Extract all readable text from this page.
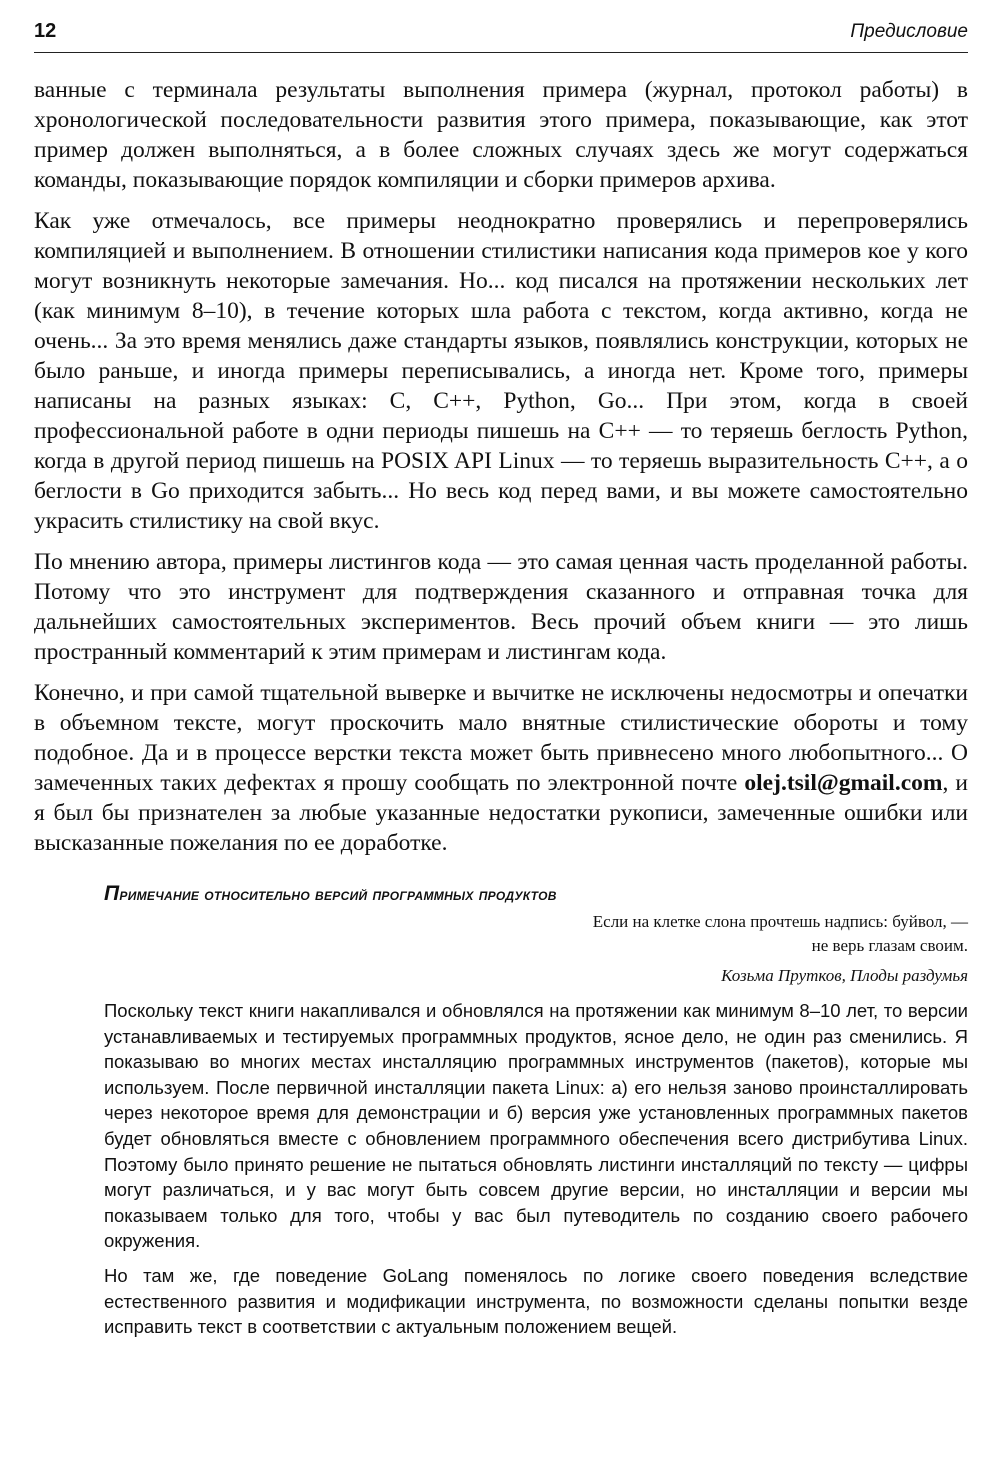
12	Предисловие

ванные с терминала результаты выполнения примера (журнал, протокол работы) в хронологической последовательности развития этого примера, показывающие, как этот пример должен выполняться, а в более сложных случаях здесь же могут содержаться команды, показывающие порядок компиляции и сборки примеров архива.

Как уже отмечалось, все примеры неоднократно проверялись и перепроверялись компиляцией и выполнением. В отношении стилистики написания кода примеров кое у кого могут возникнуть некоторые замечания. Но... код писался на протяжении нескольких лет (как минимум 8–10), в течение которых шла работа с текстом, когда активно, когда не очень... За это время менялись даже стандарты языков, появлялись конструкции, которых не было раньше, и иногда примеры переписывались, а иногда нет. Кроме того, примеры написаны на разных языках: C, C++, Python, Go... При этом, когда в своей профессиональной работе в одни периоды пишешь на C++ — то теряешь беглость Python, когда в другой период пишешь на POSIX API Linux — то теряешь выразительность C++, а о беглости в Go приходится забыть... Но весь код перед вами, и вы можете самостоятельно украсить стилистику на свой вкус.

По мнению автора, примеры листингов кода — это самая ценная часть проделанной работы. Потому что это инструмент для подтверждения сказанного и отправная точка для дальнейших самостоятельных экспериментов. Весь прочий объем книги — это лишь пространный комментарий к этим примерам и листингам кода.

Конечно, и при самой тщательной выверке и вычитке не исключены недосмотры и опечатки в объемном тексте, могут проскочить мало внятные стилистические обороты и тому подобное. Да и в процессе верстки текста может быть привнесено много любопытного... О замеченных таких дефектах я прошу сообщать по электронной почте olej.tsil@gmail.com, и я был бы признателен за любые указанные недостатки рукописи, замеченные ошибки или высказанные пожелания по ее доработке.

Примечание относительно версий программных продуктов
Если на клетке слона прочтешь надпись: буйвол, —
не верь глазам своим.
Козьма Прутков, Плоды раздумья

Поскольку текст книги накапливался и обновлялся на протяжении как минимум 8–10 лет, то версии устанавливаемых и тестируемых программных продуктов, ясное дело, не один раз сменились. Я показываю во многих местах инсталляцию программных инструментов (пакетов), которые мы используем. После первичной инсталляции пакета Linux: а) его нельзя заново проинсталлировать через некоторое время для демонстрации и б) версия уже установленных программных пакетов будет обновляться вместе с обновлением программного обеспечения всего дистрибутива Linux. Поэтому было принято решение не пытаться обновлять листинги инсталляций по тексту — цифры могут различаться, и у вас могут быть совсем другие версии, но инсталляции и версии мы показываем только для того, чтобы у вас был путеводитель по созданию своего рабочего окружения.

Но там же, где поведение GoLang поменялось по логике своего поведения вследствие естественного развития и модификации инструмента, по возможности сделаны попытки везде исправить текст в соответствии с актуальным положением вещей.
